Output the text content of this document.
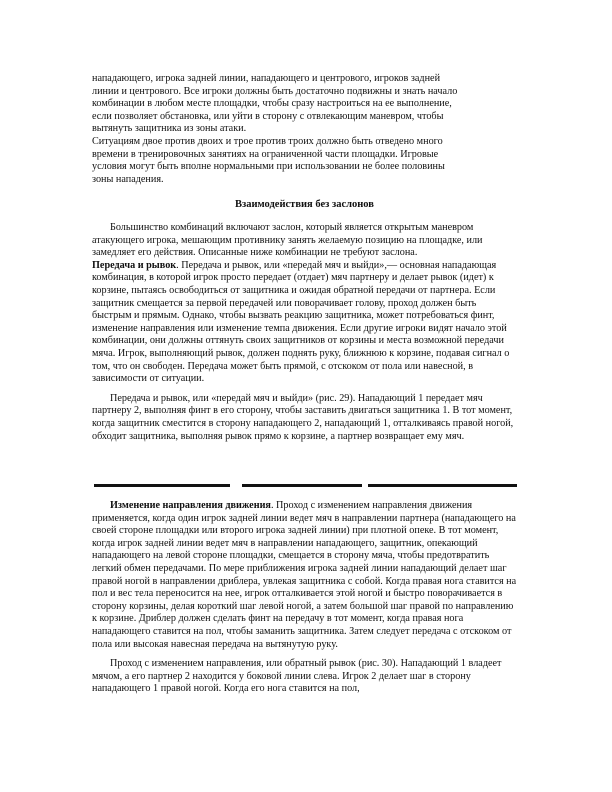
нападающего, игрока задней линии, нападающего и центрового, игроков задней

линии и центрового. Все игроки должны быть достаточно подвижны и знать начало

комбинации в любом месте площадки, чтобы сразу настроиться на ее выполнение,

если позволяет обстановка, или уйти в сторону с отвлекающим маневром, чтобы

вытянуть защитника из зоны атаки.

Ситуациям двое против двоих и трое против троих должно быть отведено много

времени в тренировочных занятиях на ограниченной части площадки. Игровые

условия могут быть вполне нормальными при использовании не более половины

зоны нападения.

Взаимодействия без заслонов

Большинство комбинаций включают заслон, который является открытым маневром атакующего игрока, мешающим противнику занять желаемую позицию на площадке, или замедляет его действия. Описанные ниже комбинации не требуют заслона.

Передача и рывок. Передача и рывок, или «передай мяч и выйди»,— основная нападающая комбинация, в которой игрок просто передает (отдает) мяч партнеру и делает рывок (идет) к корзине, пытаясь освободиться от защитника и ожидая обратной передачи от партнера. Если защитник смещается за первой передачей или поворачивает голову, проход должен быть быстрым и прямым. Однако, чтобы вызвать реакцию защитника, может потребоваться финт, изменение направления или изменение темпа движения. Если другие игроки видят начало этой комбинации, они должны оттянуть своих защитников от корзины и места возможной передачи мяча. Игрок, выполняющий рывок, должен поднять руку, ближнюю к корзине, подавая сигнал о том, что он свободен. Передача может быть прямой, с отскоком от пола или навесной, в зависимости от ситуации.

Передача и рывок, или «передай мяч и выйди» (рис. 29). Нападающий 1 передает мяч партнеру 2, выполняя финт в его сторону, чтобы заставить двигаться защитника 1. В тот момент, когда защитник сместится в сторону нападающего 2, нападающий 1, отталкиваясь правой ногой, обходит защитника, выполняя рывок прямо к корзине, а партнер возвращает ему мяч.

Изменение направления движения. Проход с изменением направления движения применяется, когда один игрок задней линии ведет мяч в направлении партнера (нападающего на своей стороне площадки или второго игрока задней линии) при плотной опеке. В тот момент, когда игрок задней линии ведет мяч в направлении нападающего, защитник, опекающий нападающего на левой стороне площадки, смещается в сторону мяча, чтобы предотвратить легкий обмен передачами. По мере приближения игрока задней линии нападающий делает шаг правой ногой в направлении дриблера, увлекая защитника с собой. Когда правая нога ставится на пол и вес тела переносится на нее, игрок отталкивается этой ногой и быстро поворачивается в сторону корзины, делая короткий шаг левой ногой, а затем большой шаг правой по направлению к корзине. Дриблер должен сделать финт на передачу в тот момент, когда правая нога нападающего ставится на пол, чтобы заманить защитника. Затем следует передача с отскоком от пола или высокая навесная передача на вытянутую руку.

Проход с изменением направления, или обратный рывок (рис. 30). Нападающий 1 владеет мячом, а его партнер 2 находится у боковой линии слева. Игрок 2 делает шаг в сторону нападающего 1 правой ногой. Когда его нога ставится на пол,
